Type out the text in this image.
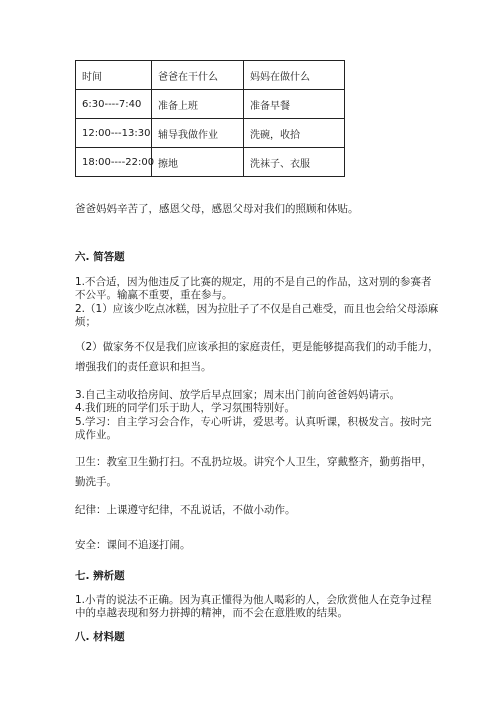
时间	爸爸在干什么	妈妈在做什么
6:30----7:40	准备上班	准备早餐
12:00---13:30	辅导我做作业	洗碗，收拾
18:00----22:00	擦地	洗袜子、衣服
爸爸妈妈辛苦了，感恩父母，感恩父母对我们的照顾和体贴。
六. 简答题
1.不合适，因为他违反了比赛的规定，用的不是自己的作品，这对别的参赛者
不公平。输赢不重要，重在参与。
2.（1）应该少吃点冰糕，因为拉肚子了不仅是自己难受，而且也会给父母添麻
烦；
（2）做家务不仅是我们应该承担的家庭责任，更是能够提高我们的动手能力，
增强我们的责任意识和担当。
3.自己主动收拾房间、放学后早点回家；周末出门前向爸爸妈妈请示。
4.我们班的同学们乐于助人，学习氛围特别好。
5.学习：自主学习会合作，专心听讲，爱思考。认真听课，积极发言。按时完
成作业。
卫生：教室卫生勤打扫。不乱扔垃圾。讲究个人卫生，穿戴整齐，勤剪指甲，
勤洗手。
纪律：上课遵守纪律，不乱说话，不做小动作。
安全：课间不追逐打闹。
七. 辨析题
1.小青的说法不正确。因为真正懂得为他人喝彩的人，会欣赏他人在竞争过程
中的卓越表现和努力拼搏的精神，而不会在意胜败的结果。
八. 材料题
